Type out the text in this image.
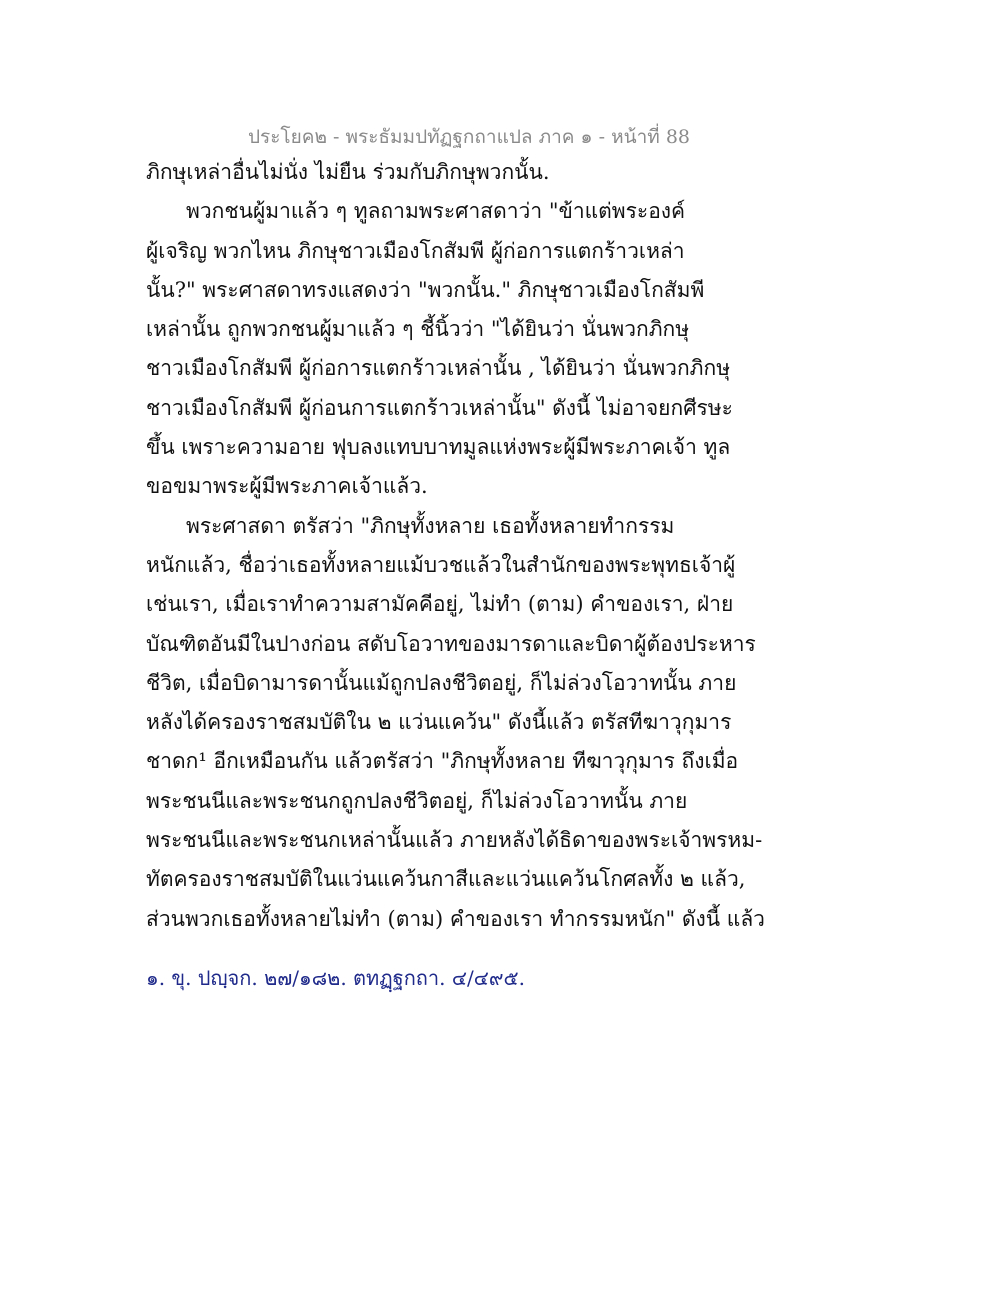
ประโยค๒ - พระธัมมปทัฏฐกถาแปล ภาค ๑ - หน้าที่ 88
ภิกษุเหล่าอื่นไม่นั่ง ไม่ยืน ร่วมกับภิกษุพวกนั้น.
พวกชนผู้มาแล้ว ๆ ทูลถามพระศาสดาว่า "ข้าแต่พระองค์
ผู้เจริญ พวกไหน ภิกษุชาวเมืองโกสัมพี ผู้ก่อการแตกร้าวเหล่า
นั้น?" พระศาสดาทรงแสดงว่า "พวกนั้น." ภิกษุชาวเมืองโกสัมพี
เหล่านั้น ถูกพวกชนผู้มาแล้ว ๆ ชี้นิ้วว่า "ได้ยินว่า นั่นพวกภิกษุ
ชาวเมืองโกสัมพี ผู้ก่อการแตกร้าวเหล่านั้น , ได้ยินว่า นั่นพวกภิกษุ
ชาวเมืองโกสัมพี ผู้ก่อนการแตกร้าวเหล่านั้น" ดังนี้ ไม่อาจยกศีรษะ
ขึ้น เพราะความอาย ฟุบลงแทบบาทมูลแห่งพระผู้มีพระภาคเจ้า ทูล
ขอขมาพระผู้มีพระภาคเจ้าแล้ว.
พระศาสดา ตรัสว่า "ภิกษุทั้งหลาย เธอทั้งหลายทำกรรม
หนักแล้ว, ชื่อว่าเธอทั้งหลายแม้บวชแล้วในสำนักของพระพุทธเจ้าผู้
เช่นเรา, เมื่อเราทำความสามัคคีอยู่, ไม่ทำ (ตาม) คำของเรา, ฝ่าย
บัณฑิตอันมีในปางก่อน สดับโอวาทของมารดาและบิดาผู้ต้องประหาร
ชีวิต, เมื่อบิดามารดานั้นแม้ถูกปลงชีวิตอยู่, ก็ไม่ล่วงโอวาทนั้น ภาย
หลังได้ครองราชสมบัติใน ๒ แว่นแคว้น" ดังนี้แล้ว ตรัสทีฆาวุกุมาร
ชาดก¹ อีกเหมือนกัน แล้วตรัสว่า "ภิกษุทั้งหลาย ทีฆาวุกุมาร ถึงเมื่อ
พระชนนีและพระชนกถูกปลงชีวิตอยู่, ก็ไม่ล่วงโอวาทนั้น ภาย
พระชนนีและพระชนกเหล่านั้นแล้ว ภายหลังได้ธิดาของพระเจ้าพรหม-
ทัตครองราชสมบัติในแว่นแคว้นกาสีและแว่นแคว้นโกศลทั้ง ๒ แล้ว,
ส่วนพวกเธอทั้งหลายไม่ทำ (ตาม) คำของเรา ทำกรรมหนัก" ดังนี้ แล้ว
๑. ขุ. ปญฺจก. ๒๗/๑๘๒. ตทฏฺฐกถา. ๔/๔๙๕.
